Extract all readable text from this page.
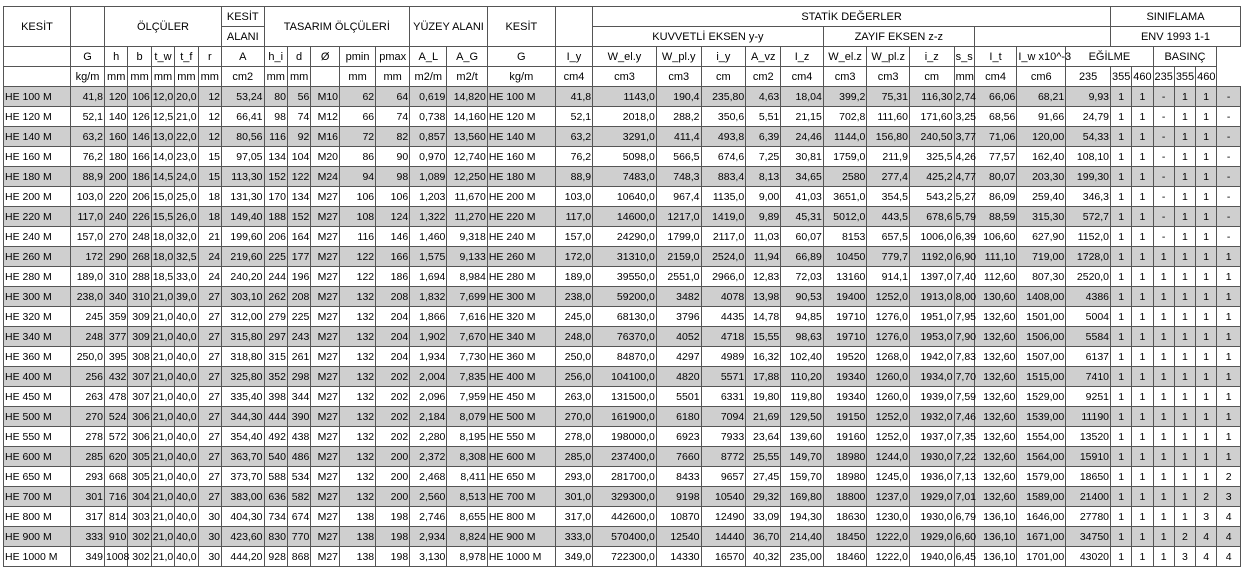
KESİT		ÖLÇÜLER					KESİT	TASARIM ÖLÇÜLERİ					YÜZEY ALANI		KESİT		STATİK DEĞERLER												SINIFLAMA					
							ALANI										KUVVETLİ EKSEN y-y					ZAYIF EKSEN z-z							ENV 1993 1-1					
	G	h	b	t_w	t_f	r	A	h_i	d	Ø	pmin	pmax	A_L	A_G	G	I_y	W_el.y	W_pl.y	i_y	A_vz	I_z	W_el.z	W_pl.z	i_z	s_s	I_t	I_w x10^-3	EĞİLME			BASINÇ			
	kg/m	mm	mm	mm	mm	mm	cm2	mm	mm		mm	mm	m2/m	m2/t	kg/m	cm4	cm3	cm3	cm	cm2	cm4	cm3	cm3	cm	mm	cm4	cm6	235	355	460	235	355	460	
HE 100 M	41,8	120	106	12,0	20,0	12	53,24	80	56	M10	62	64	0,619	14,820	HE 100 M	41,8	1143,0	190,4	235,80	4,63	18,04	399,2	75,31	116,30	2,74	66,06	68,21	9,93	1	1	-	1	1	-
HE 120 M	52,1	140	126	12,5	21,0	12	66,41	98	74	M12	66	74	0,738	14,160	HE 120 M	52,1	2018,0	288,2	350,6	5,51	21,15	702,8	111,60	171,60	3,25	68,56	91,66	24,79	1	1	-	1	1	-
HE 140 M	63,2	160	146	13,0	22,0	12	80,56	116	92	M16	72	82	0,857	13,560	HE 140 M	63,2	3291,0	411,4	493,8	6,39	24,46	1144,0	156,80	240,50	3,77	71,06	120,00	54,33	1	1	-	1	1	-
HE 160 M	76,2	180	166	14,0	23,0	15	97,05	134	104	M20	86	90	0,970	12,740	HE 160 M	76,2	5098,0	566,5	674,6	7,25	30,81	1759,0	211,9	325,5	4,26	77,57	162,40	108,10	1	1	-	1	1	-
HE 180 M	88,9	200	186	14,5	24,0	15	113,30	152	122	M24	94	98	1,089	12,250	HE 180 M	88,9	7483,0	748,3	883,4	8,13	34,65	2580	277,4	425,2	4,77	80,07	203,30	199,30	1	1	-	1	1	-
HE 200 M	103,0	220	206	15,0	25,0	18	131,30	170	134	M27	106	106	1,203	11,670	HE 200 M	103,0	10640,0	967,4	1135,0	9,00	41,03	3651,0	354,5	543,2	5,27	86,09	259,40	346,3	1	1	-	1	1	-
HE 220 M	117,0	240	226	15,5	26,0	18	149,40	188	152	M27	108	124	1,322	11,270	HE 220 M	117,0	14600,0	1217,0	1419,0	9,89	45,31	5012,0	443,5	678,6	5,79	88,59	315,30	572,7	1	1	-	1	1	-
HE 240 M	157,0	270	248	18,0	32,0	21	199,60	206	164	M27	116	146	1,460	9,318	HE 240 M	157,0	24290,0	1799,0	2117,0	11,03	60,07	8153	657,5	1006,0	6,39	106,60	627,90	1152,0	1	1	-	1	1	-
HE 260 M	172	290	268	18,0	32,5	24	219,60	225	177	M27	122	166	1,575	9,133	HE 260 M	172,0	31310,0	2159,0	2524,0	11,94	66,89	10450	779,7	1192,0	6,90	111,10	719,00	1728,0	1	1	1	1	1	1
HE 280 M	189,0	310	288	18,5	33,0	24	240,20	244	196	M27	122	186	1,694	8,984	HE 280 M	189,0	39550,0	2551,0	2966,0	12,83	72,03	13160	914,1	1397,0	7,40	112,60	807,30	2520,0	1	1	1	1	1	1
HE 300 M	238,0	340	310	21,0	39,0	27	303,10	262	208	M27	132	208	1,832	7,699	HE 300 M	238,0	59200,0	3482	4078	13,98	90,53	19400	1252,0	1913,0	8,00	130,60	1408,00	4386	1	1	1	1	1	1
HE 320 M	245	359	309	21,0	40,0	27	312,00	279	225	M27	132	204	1,866	7,616	HE 320 M	245,0	68130,0	3796	4435	14,78	94,85	19710	1276,0	1951,0	7,95	132,60	1501,00	5004	1	1	1	1	1	1
HE 340 M	248	377	309	21,0	40,0	27	315,80	297	243	M27	132	204	1,902	7,670	HE 340 M	248,0	76370,0	4052	4718	15,55	98,63	19710	1276,0	1953,0	7,90	132,60	1506,00	5584	1	1	1	1	1	1
HE 360 M	250,0	395	308	21,0	40,0	27	318,80	315	261	M27	132	204	1,934	7,730	HE 360 M	250,0	84870,0	4297	4989	16,32	102,40	19520	1268,0	1942,0	7,83	132,60	1507,00	6137	1	1	1	1	1	1
HE 400 M	256	432	307	21,0	40,0	27	325,80	352	298	M27	132	202	2,004	7,835	HE 400 M	256,0	104100,0	4820	5571	17,88	110,20	19340	1260,0	1934,0	7,70	132,60	1515,00	7410	1	1	1	1	1	1
HE 450 M	263	478	307	21,0	40,0	27	335,40	398	344	M27	132	202	2,096	7,959	HE 450 M	263,0	131500,0	5501	6331	19,80	119,80	19340	1260,0	1939,0	7,59	132,60	1529,00	9251	1	1	1	1	1	1
HE 500 M	270	524	306	21,0	40,0	27	344,30	444	390	M27	132	202	2,184	8,079	HE 500 M	270,0	161900,0	6180	7094	21,69	129,50	19150	1252,0	1932,0	7,46	132,60	1539,00	11190	1	1	1	1	1	1
HE 550 M	278	572	306	21,0	40,0	27	354,40	492	438	M27	132	202	2,280	8,195	HE 550 M	278,0	198000,0	6923	7933	23,64	139,60	19160	1252,0	1937,0	7,35	132,60	1554,00	13520	1	1	1	1	1	1
HE 600 M	285	620	305	21,0	40,0	27	363,70	540	486	M27	132	200	2,372	8,308	HE 600 M	285,0	237400,0	7660	8772	25,55	149,70	18980	1244,0	1930,0	7,22	132,60	1564,00	15910	1	1	1	1	1	1
HE 650 M	293	668	305	21,0	40,0	27	373,70	588	534	M27	132	200	2,468	8,411	HE 650 M	293,0	281700,0	8433	9657	27,45	159,70	18980	1245,0	1936,0	7,13	132,60	1579,00	18650	1	1	1	1	1	2
HE 700 M	301	716	304	21,0	40,0	27	383,00	636	582	M27	132	200	2,560	8,513	HE 700 M	301,0	329300,0	9198	10540	29,32	169,80	18800	1237,0	1929,0	7,01	132,60	1589,00	21400	1	1	1	1	2	3
HE 800 M	317	814	303	21,0	40,0	30	404,30	734	674	M27	138	198	2,746	8,655	HE 800 M	317,0	442600,0	10870	12490	33,09	194,30	18630	1230,0	1930,0	6,79	136,10	1646,00	27780	1	1	1	1	3	4
HE 900 M	333	910	302	21,0	40,0	30	423,60	830	770	M27	138	198	2,934	8,824	HE 900 M	333,0	570400,0	12540	14440	36,70	214,40	18450	1222,0	1929,0	6,60	136,10	1671,00	34750	1	1	1	2	4	4
HE 1000 M	349	1008	302	21,0	40,0	30	444,20	928	868	M27	138	198	3,130	8,978	HE 1000 M	349,0	722300,0	14330	16570	40,32	235,00	18460	1222,0	1940,0	6,45	136,10	1701,00	43020	1	1	1	3	4	4
